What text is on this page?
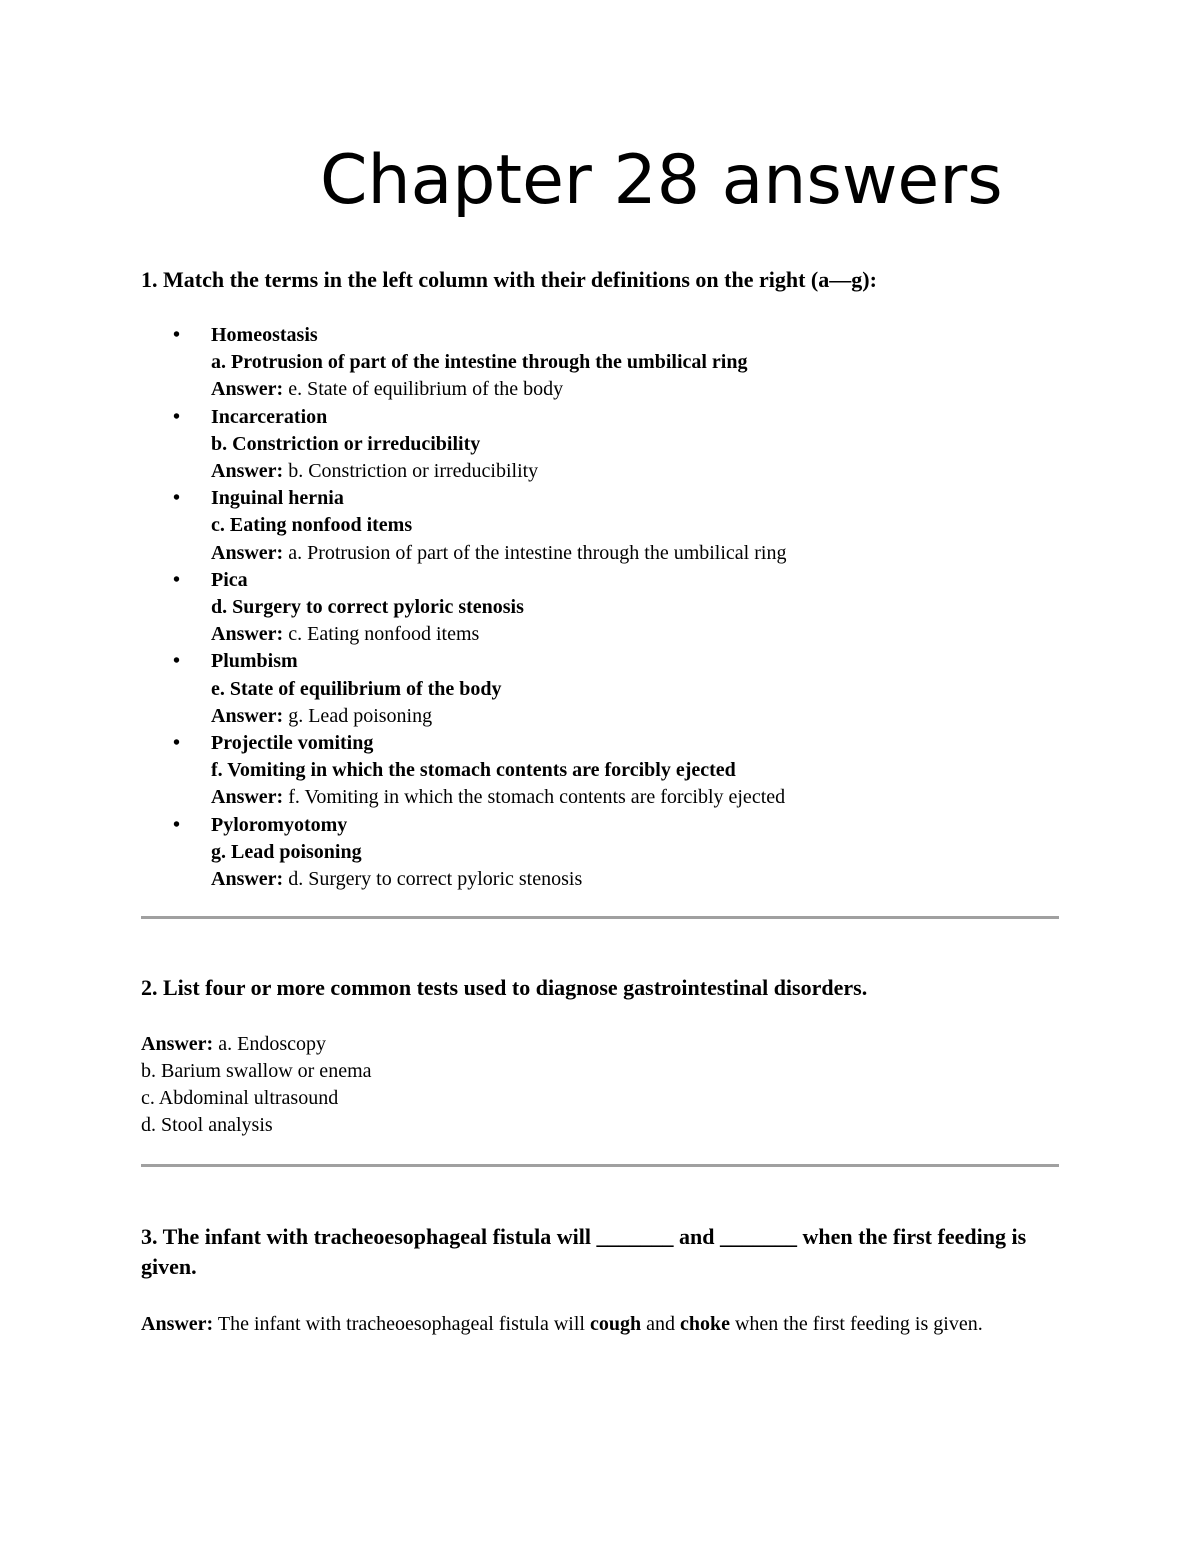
Chapter 28 answers

1. Match the terms in the left column with their definitions on the right (a—g):

• Homeostasis
a. Protrusion of part of the intestine through the umbilical ring
Answer: e. State of equilibrium of the body
• Incarceration
b. Constriction or irreducibility
Answer: b. Constriction or irreducibility
• Inguinal hernia
c. Eating nonfood items
Answer: a. Protrusion of part of the intestine through the umbilical ring
• Pica
d. Surgery to correct pyloric stenosis
Answer: c. Eating nonfood items
• Plumbism
e. State of equilibrium of the body
Answer: g. Lead poisoning
• Projectile vomiting
f. Vomiting in which the stomach contents are forcibly ejected
Answer: f. Vomiting in which the stomach contents are forcibly ejected
• Pyloromyotomy
g. Lead poisoning
Answer: d. Surgery to correct pyloric stenosis

2. List four or more common tests used to diagnose gastrointestinal disorders.

Answer: a. Endoscopy
b. Barium swallow or enema
c. Abdominal ultrasound
d. Stool analysis

3. The infant with tracheoesophageal fistula will _______ and _______ when the first feeding is given.

Answer: The infant with tracheoesophageal fistula will cough and choke when the first feeding is given.
